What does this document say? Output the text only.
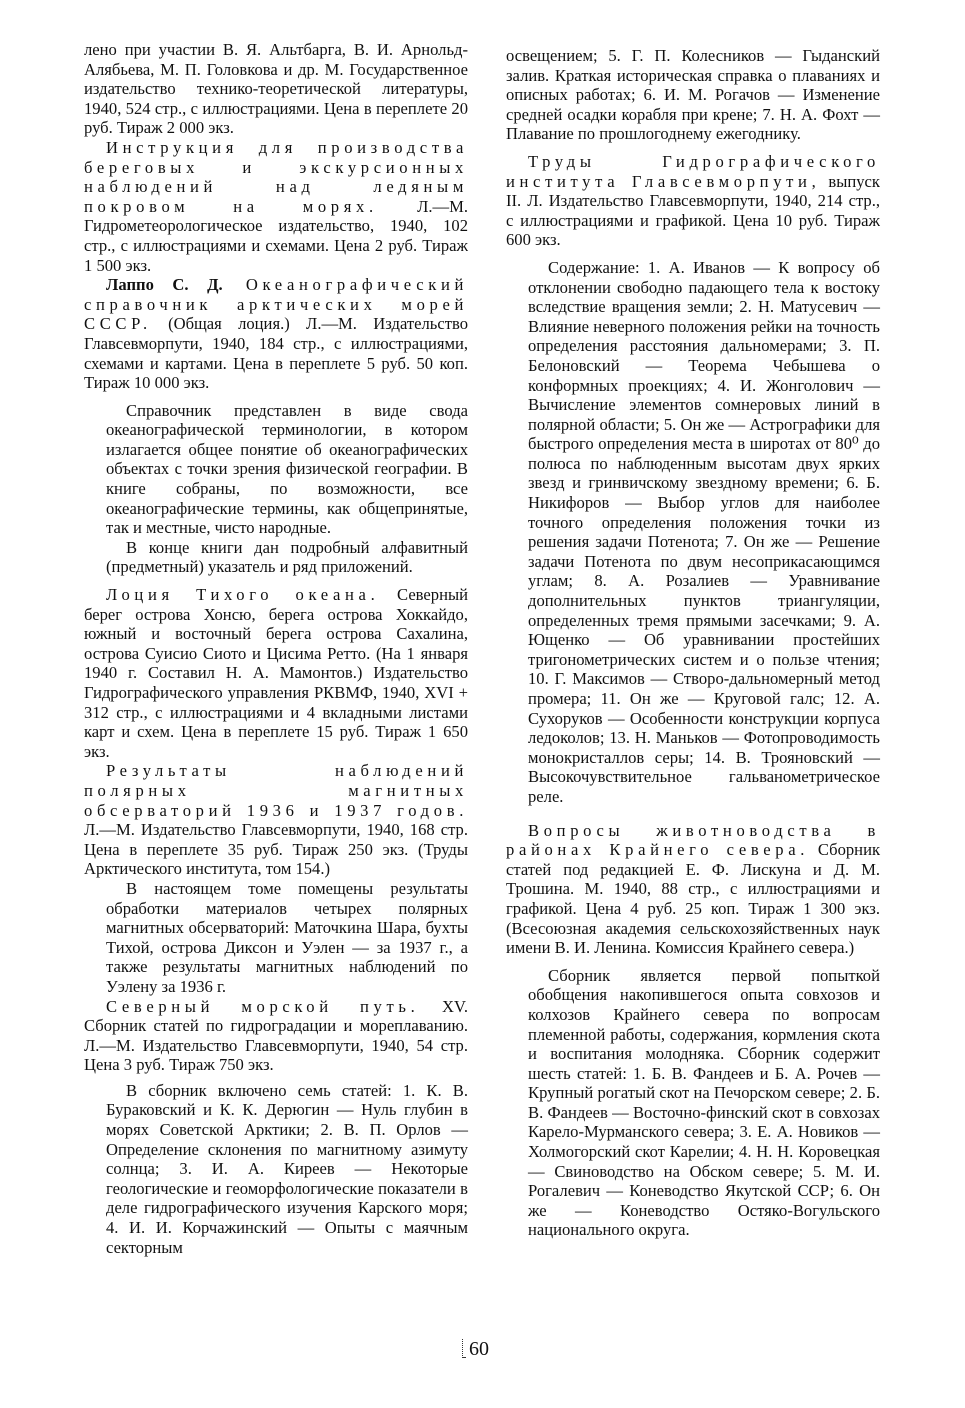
лено при участии В. Я. Альтбарга, В. И. Арнольд-Алябьева, М. П. Головкова и др. М. Государственное издательство технико-теоретической литературы, 1940, 524 стр., с иллюстрациями. Цена в переплете 20 руб. Тираж 2 000 экз.

Инструкция для производства береговых и экскурсионных наблюдений над ледяным покровом на морях. Л.—М. Гидрометеорологическое издательство, 1940, 102 стр., с иллюстрациями и схемами. Цена 2 руб. Тираж 1 500 экз.

Лаппо С. Д. Океанографический справочник арктических морей СССР. (Общая лоция.) Л.—М. Издательство Главсевморпути, 1940, 184 стр., с иллюстрациями, схемами и картами. Цена в переплете 5 руб. 50 коп. Тираж 10 000 экз.

Справочник представлен в виде свода океанографической терминологии, в котором излагается общее понятие об океанографических объектах с точки зрения физической географии. В книге собраны, по возможности, все океанографические термины, как общепринятые, так и местные, чисто народные.

В конце книги дан подробный алфавитный (предметный) указатель и ряд приложений.

Лоция Тихого океана. Северный берег острова Хонсю, берега острова Хоккайдо, южный и восточный берега острова Сахалина, острова Суисио Сиото и Цисима Ретто. (На 1 января 1940 г. Составил Н. А. Мамонтов.) Издательство Гидрографического управления РКВМФ, 1940, XVI + 312 стр., с иллюстрациями и 4 вкладными листами карт и схем. Цена в переплете 15 руб. Тираж 1 650 экз.

Результаты наблюдений полярных магнитных обсерваторий 1936 и 1937 годов. Л.—М. Издательство Главсевморпути, 1940, 168 стр. Цена в переплете 35 руб. Тираж 250 экз. (Труды Арктического института, том 154.)

В настоящем томе помещены результаты обработки материалов четырех полярных магнитных обсерваторий: Маточкина Шара, бухты Тихой, острова Диксон и Уэлен — за 1937 г., а также результаты магнитных наблюдений по Уэлену за 1936 г.

Северный морской путь. XV. Сборник статей по гидроградации и мореплаванию. Л.—М. Издательство Главсевморпути, 1940, 54 стр. Цена 3 руб. Тираж 750 экз.

В сборник включено семь статей: 1. К. В. Бураковский и К. К. Дерюгин — Нуль глубин в морях Советской Арктики; 2. В. П. Орлов — Определение склонения по магнитному азимуту солнца; 3. И. А. Киреев — Некоторые геологические и геоморфологические показатели в деле гидрографического изучения Карского моря; 4. И. И. Корчажинский — Опыты с маячным секторным

освещением; 5. Г. П. Колесников — Гыданский залив. Краткая историческая справка о плаваниях и описных работах; 6. И. М. Рогачов — Изменение средней осадки корабля при крене; 7. Н. А. Фохт — Плавание по прошлогоднему ежегоднику.

Труды Гидрографического института Главсевморпути, выпуск II. Л. Издательство Главсевморпути, 1940, 214 стр., с иллюстрациями и графикой. Цена 10 руб. Тираж 600 экз.

Содержание: 1. А. Иванов — К вопросу об отклонении свободно падающего тела к востоку вследствие вращения земли; 2. Н. Матусевич — Влияние неверного положения рейки на точность определения расстояния дальномерами; 3. П. Белоновский — Теорема Чебышева о конформных проекциях; 4. И. Жонголович — Вычисление элементов сомнеровых линий в полярной области; 5. Он же — Астрографики для быстрого определения места в широтах от 80⁰ до полюса по наблюденным высотам двух ярких звезд и гринвичскому звездному времени; 6. Б. Никифоров — Выбор углов для наиболее точного определения положения точки из решения задачи Потенота; 7. Он же — Решение задачи Потенота по двум несоприкасающимся углам; 8. А. Розалиев — Уравнивание дополнительных пунктов триангуляции, определенных тремя прямыми засечками; 9. А. Ющенко — Об уравнивании простейших тригонометрических систем и о пользе чтения; 10. Г. Максимов — Створо-дальномерный метод промера; 11. Он же — Круговой галс; 12. А. Сухоруков — Особенности конструкции корпуса ледоколов; 13. Н. Маньков — Фотопроводимость монокристаллов серы; 14. В. Трояновский — Высокочувствительное гальванометрическое реле.

Вопросы животноводства в районах Крайнего севера. Сборник статей под редакцией Е. Ф. Лискуна и Д. М. Трошина. М. 1940, 88 стр., с иллюстрациями и графикой. Цена 4 руб. 25 коп. Тираж 1 300 экз. (Всесоюзная академия сельскохозяйственных наук имени В. И. Ленина. Комиссия Крайнего севера.)

Сборник является первой попыткой обобщения накопившегося опыта совхозов и колхозов Крайнего севера по вопросам племенной работы, содержания, кормления скота и воспитания молодняка. Сборник содержит шесть статей: 1. Б. В. Фандеев и Б. А. Рочев — Крупный рогатый скот на Печорском севере; 2. Б. В. Фандеев — Восточно-финский скот в совхозах Карело-Мурманского севера; 3. Е. А. Новиков — Холмогорский скот Карелии; 4. Н. Н. Коровецкая — Свиноводство на Обском севере; 5. М. И. Рогалевич — Коневодство Якутской ССР; 6. Он же — Коневодство Остяко-Вогульского национального округа.

60
